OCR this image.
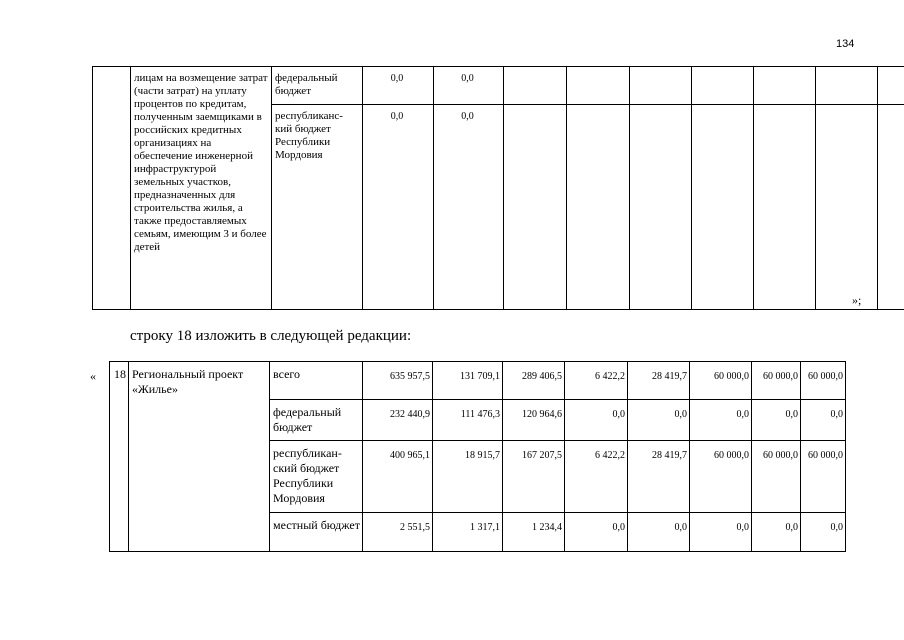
134
	лицам на возмещение затрат (части затрат) на уплату процентов по кредитам, полученным заемщиками в российских кредитных организациях на обеспечение инженерной инфраструктурой земельных участков, предназначенных для строительства жилья, а также предоставляемых семьям, имеющим 3 и более детей	федеральный бюджет	0,0	0,0							
		республиканс-кий бюджет Республики Мордовия	0,0	0,0							
»;
строку 18 изложить в следующей редакции:
« 18	Региональный проект «Жилье»	всего	635 957,5	131 709,1	289 406,5	6 422,2	28 419,7	60 000,0	60 000,0	60 000,0
		федеральный бюджет	232 440,9	111 476,3	120 964,6	0,0	0,0	0,0	0,0	0,0
		республикан-ский бюджет Республики Мордовия	400 965,1	18 915,7	167 207,5	6 422,2	28 419,7	60 000,0	60 000,0	60 000,0
		местный бюджет	2 551,5	1 317,1	1 234,4	0,0	0,0	0,0	0,0	0,0
